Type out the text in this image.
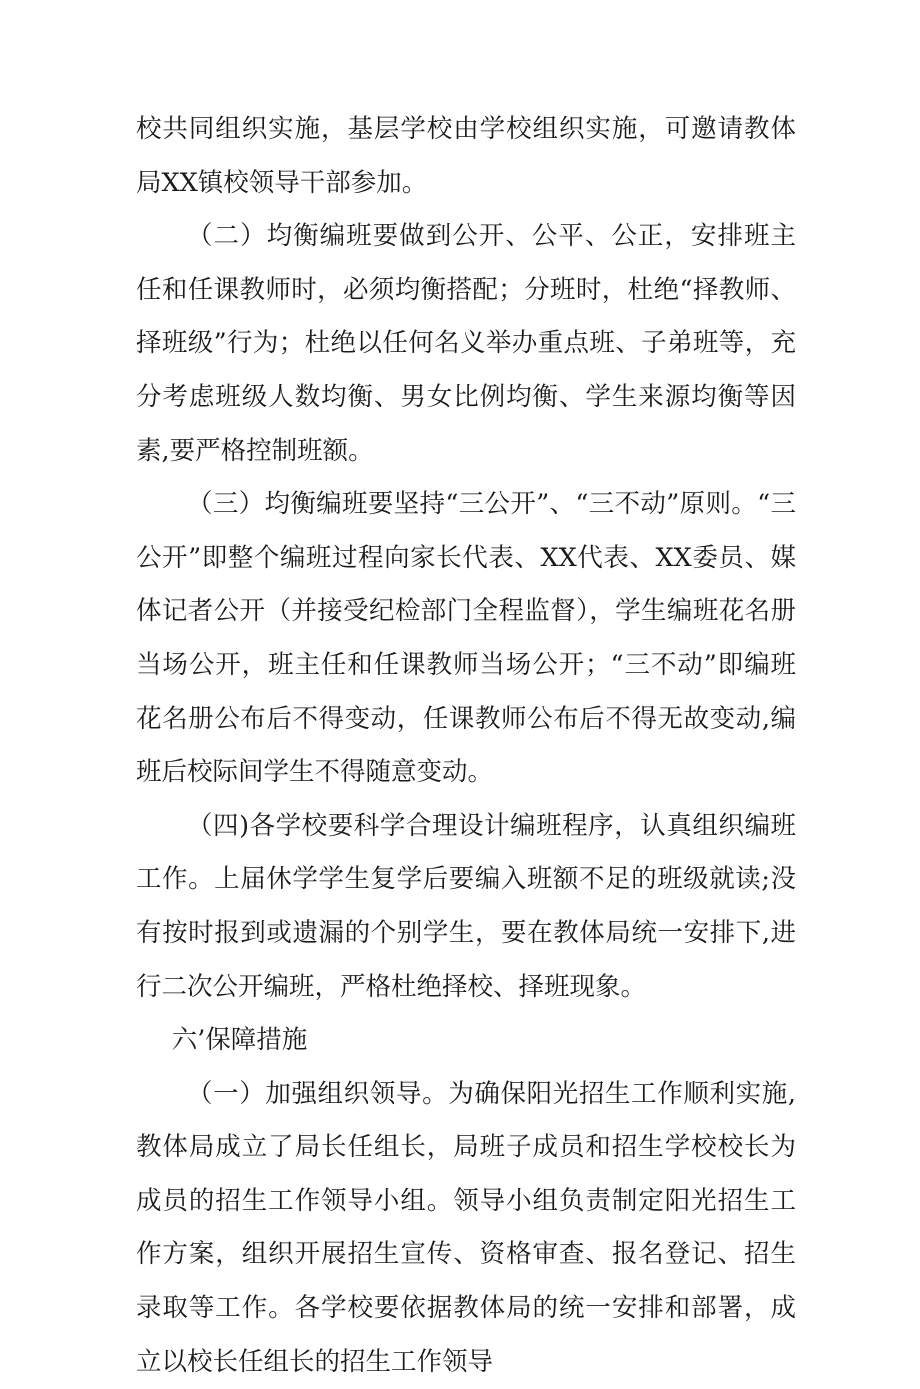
校共同组织实施，基层学校由学校组织实施，可邀请教体局XX镇校领导干部参加。

（二）均衡编班要做到公开、公平、公正，安排班主任和任课教师时，必须均衡搭配；分班时，杜绝“择教师、择班级”行为；杜绝以任何名义举办重点班、子弟班等，充分考虑班级人数均衡、男女比例均衡、学生来源均衡等因素,要严格控制班额。

（三）均衡编班要坚持“三公开”、“三不动”原则。“三公开”即整个编班过程向家长代表、XX代表、XX委员、媒体记者公开（并接受纪检部门全程监督），学生编班花名册当场公开，班主任和任课教师当场公开；“三不动”即编班花名册公布后不得变动，任课教师公布后不得无故变动,编班后校际间学生不得随意变动。

（四)各学校要科学合理设计编班程序，认真组织编班工作。上届休学学生复学后要编入班额不足的班级就读;没有按时报到或遗漏的个别学生，要在教体局统一安排下,进行二次公开编班，严格杜绝择校、择班现象。

六’保障措施

（一）加强组织领导。为确保阳光招生工作顺利实施,教体局成立了局长任组长，局班子成员和招生学校校长为成员的招生工作领导小组。领导小组负责制定阳光招生工作方案，组织开展招生宣传、资格审查、报名登记、招生录取等工作。各学校要依据教体局的统一安排和部署，成立以校长任组长的招生工作领导
